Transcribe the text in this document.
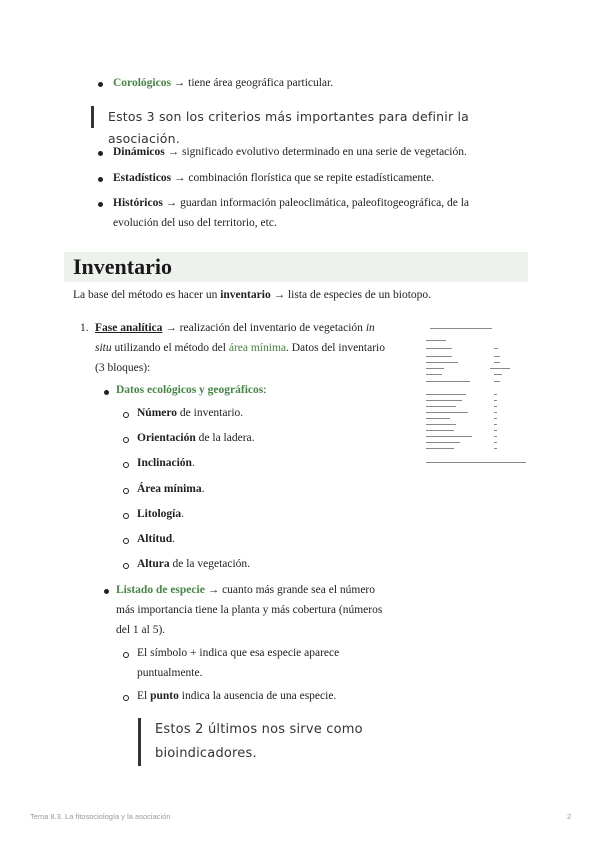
Corológicos → tiene área geográfica particular.
Estos 3 son los criterios más importantes para definir la asociación.
Dinámicos → significado evolutivo determinado en una serie de vegetación.
Estadísticos → combinación florística que se repite estadísticamente.
Históricos → guardan información paleoclimática, paleofitogeográfica, de la
evolución del uso del territorio, etc.
Inventario
La base del método es hacer un inventario → lista de especies de un biotopo.
1. Fase analítica → realización del inventario de vegetación in
situ utilizando el método del área mínima. Datos del inventario
(3 bloques):
Datos ecológicos y geográficos:
Número de inventario.
Orientación de la ladera.
Inclinación.
Área mínima.
Litología.
Altitud.
Altura de la vegetación.
Listado de especie → cuanto más grande sea el número
más importancia tiene la planta y más cobertura (números
del 1 al 5).
El símbolo + indica que esa especie aparece
puntualmente.
El punto indica la ausencia de una especie.
Estos 2 últimos nos sirve como
bioindicadores.
Tema 8.3. La fitosociología y la asociación	2
